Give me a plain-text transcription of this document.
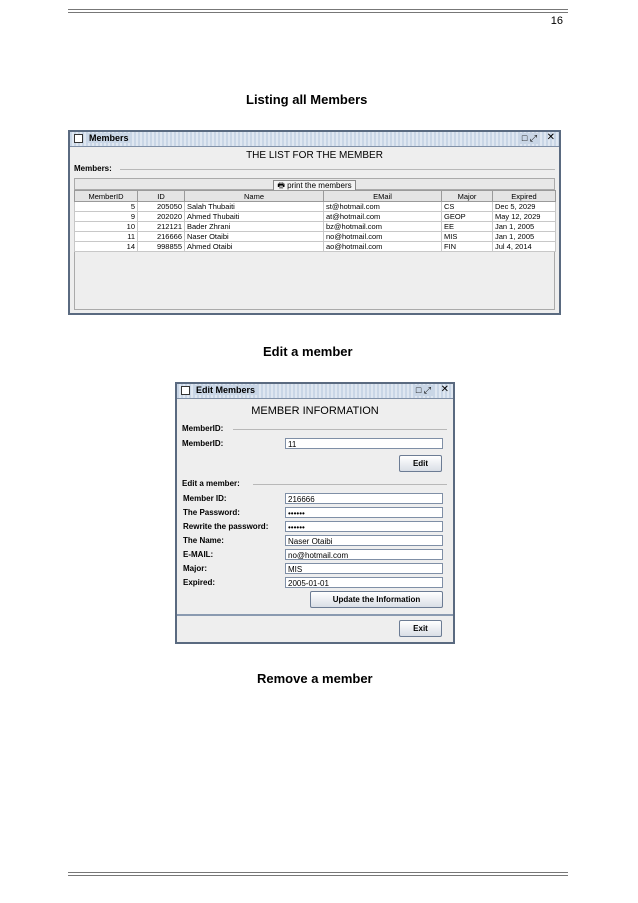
16
Listing all Members
Members	□ ⤢ ✕
Members:
THE LIST FOR THE MEMBER
🖶 print the members
MemberID	ID	Name	EMail	Major	Expired
5	205050	Salah Thubaiti	st@hotmail.com	CS	Dec 5, 2029
9	202020	Ahmed Thubaiti	at@hotmail.com	GEOP	May 12, 2029
10	212121	Bader Zhrani	bz@hotmail.com	EE	Jan 1, 2005
11	216666	Naser Otaibi	no@hotmail.com	MIS	Jan 1, 2005
14	998855	Ahmed Otaibi	ao@hotmail.com	FIN	Jul 4, 2014
Edit a member
Edit Members	□ ⤢ ✕
MEMBER INFORMATION
MemberID:
MemberID:	11
Edit
Edit a member:
Member ID:	216666
The Password:	••••••
Rewrite the password:	••••••
The Name:	Naser Otaibi
E-MAIL:	no@hotmail.com
Major:	MIS
Expired:	2005-01-01
Update the Information
Exit
Remove a member
